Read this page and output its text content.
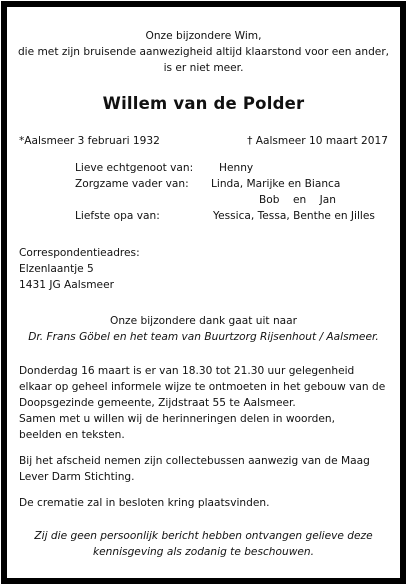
Onze bijzondere Wim,
die met zijn bruisende aanwezigheid altijd klaarstond voor een ander,
is er niet meer.
Willem van de Polder
*Aalsmeer 3 februari 1932	† Aalsmeer 10 maart 2017
Lieve echtgenoot van: Henny
Zorgzame vader van: Linda, Marijke en Bianca
Bob    en    Jan
Liefste opa van:	Yessica, Tessa, Benthe en Jilles
Correspondentieadres:
Elzenlaantje 5
1431 JG Aalsmeer
Onze bijzondere dank gaat uit naar
Dr. Frans Göbel en het team van Buurtzorg Rijsenhout / Aalsmeer.
Donderdag 16 maart is er van 18.30 tot 21.30 uur gelegenheid
elkaar op geheel informele wijze te ontmoeten in het gebouw van de
Doopsgezinde gemeente, Zijdstraat 55 te Aalsmeer.
Samen met u willen wij de herinneringen delen in woorden,
beelden en teksten.
Bij het afscheid nemen zijn collectebussen aanwezig van de Maag
Lever Darm Stichting.
De crematie zal in besloten kring plaatsvinden.
Zij die geen persoonlijk bericht hebben ontvangen gelieve deze
kennisgeving als zodanig te beschouwen.
